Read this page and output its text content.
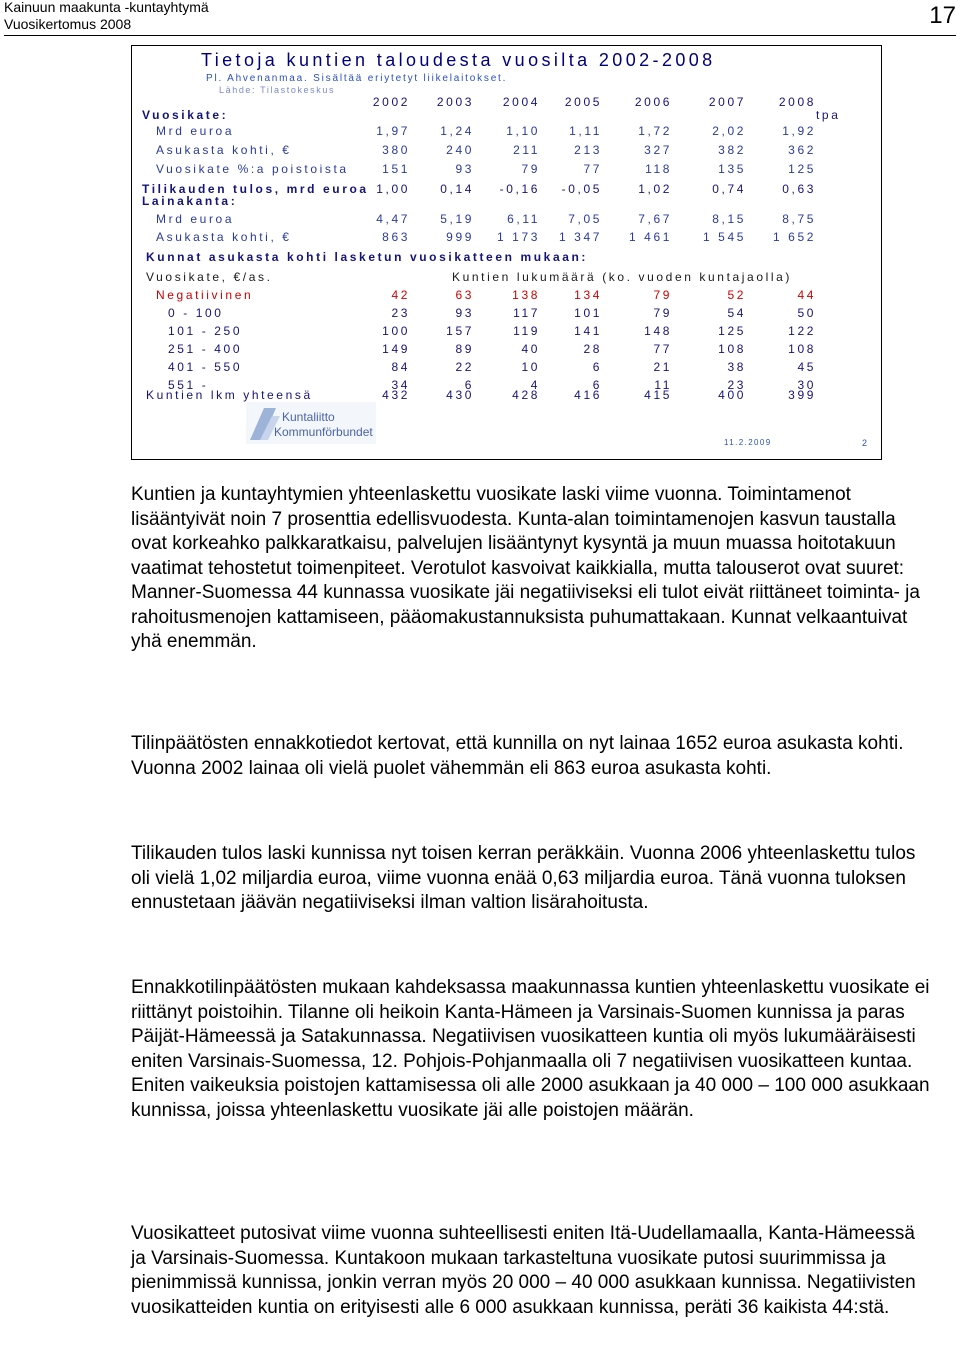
Kainuun maakunta -kuntayhtymä
Vuosikertomus 2008	17
Tietoja kuntien taloudesta vuosilta 2002-2008
Pl. Ahvenanmaa. Sisältää eriytetyt liikelaitokset.
Lähde: Tilastokeskus
2002	2003	2004	2005	2006	2007	2008
Vuosikate:	tpa
Mrd euroa	1,97	1,24	1,10	1,11	1,72	2,02	1,92
Asukasta kohti, €	380	240	211	213	327	382	362
Vuosikate %:a poistoista	151	93	79	77	118	135	125
Tilikauden tulos, mrd euroa 1,00	0,14	-0,16	-0,05	1,02	0,74	0,63
Lainakanta:
Mrd euroa	4,47	5,19	6,11	7,05	7,67	8,15	8,75
Asukasta kohti, €	863	999	1 173	1 347	1 461	1 545	1 652
Kunnat asukasta kohti lasketun vuosikatteen mukaan:
Vuosikate, €/as.	Kuntien lukumäärä (ko. vuoden kuntajaolla)
Negatiivinen	42	63	138	134	79	52	44
0 - 100	23	93	117	101	79	54	50
101 - 250	100	157	119	141	148	125	122
251 - 400	149	89	40	28	77	108	108
401 - 550	84	22	10	6	21	38	45
551 -	34	6	4	6	11	23	30
Kuntien lkm yhteensä	432	430	428	416	415	400	399
Kuntaliitto
Kommunförbundet
11.2.2009	2

Kuntien ja kuntayhtymien yhteenlaskettu vuosikate laski viime vuonna. Toimintamenot lisääntyivät noin 7 prosenttia edellisvuodesta. Kunta-alan toimintamenojen kasvun taustalla ovat korkeahko palkkaratkaisu, palvelujen lisääntynyt kysyntä ja muun muassa hoitotakuun vaatimat tehostetut toimenpiteet. Verotulot kasvoivat kaikkialla, mutta talouserot ovat suuret: Manner-Suomessa 44 kunnassa vuosikate jäi negatiiviseksi eli tulot eivät riittäneet toiminta- ja rahoitusmenojen kattamiseen, pääomakustannuksista puhumattakaan. Kunnat velkaantuivat yhä enemmän.

Tilinpäätösten ennakkotiedot kertovat, että kunnilla on nyt lainaa 1652 euroa asukasta kohti. Vuonna 2002 lainaa oli vielä puolet vähemmän eli 863 euroa asukasta kohti.

Tilikauden tulos laski kunnissa nyt toisen kerran peräkkäin. Vuonna 2006 yhteenlaskettu tulos oli vielä 1,02 miljardia euroa, viime vuonna enää 0,63 miljardia euroa. Tänä vuonna tuloksen ennustetaan jäävän negatiiviseksi ilman valtion lisärahoitusta.

Ennakkotilinpäätösten mukaan kahdeksassa maakunnassa kuntien yhteenlaskettu vuosikate ei riittänyt poistoihin. Tilanne oli heikoin Kanta-Hämeen ja Varsinais-Suomen kunnissa ja paras Päijät-Hämeessä ja Satakunnassa. Negatiivisen vuosikatteen kuntia oli myös lukumääräisesti eniten Varsinais-Suomessa, 12. Pohjois-Pohjanmaalla oli 7 negatiivisen vuosikatteen kuntaa. Eniten vaikeuksia poistojen kattamisessa oli alle 2000 asukkaan ja 40 000 – 100 000 asukkaan kunnissa, joissa yhteenlaskettu vuosikate jäi alle poistojen määrän.

Vuosikatteet putosivat viime vuonna suhteellisesti eniten Itä-Uudellamaalla, Kanta-Hämeessä ja Varsinais-Suomessa. Kuntakoon mukaan tarkasteltuna vuosikate putosi suurimmissa ja pienimmissä kunnissa, jonkin verran myös 20 000 – 40 000 asukkaan kunnissa. Negatiivisten vuosikatteiden kuntia on erityisesti alle 6 000 asukkaan kunnissa, peräti 36 kaikista 44:stä.
